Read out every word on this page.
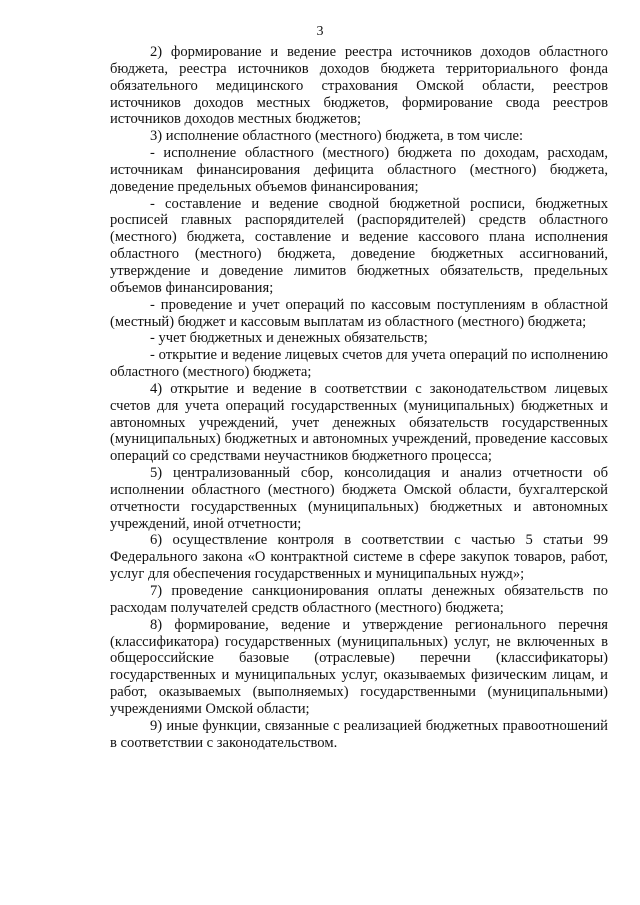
3

2) формирование и ведение реестра источников доходов областного бюджета, реестра источников доходов бюджета территориального фонда обязательного медицинского страхования Омской области, реестров источников доходов местных бюджетов, формирование свода реестров источников доходов местных бюджетов;

3) исполнение областного (местного) бюджета, в том числе:

- исполнение областного (местного) бюджета по доходам, расходам, источникам финансирования дефицита областного (местного) бюджета, доведение предельных объемов финансирования;

- составление и ведение сводной бюджетной росписи, бюджетных росписей главных распорядителей (распорядителей) средств областного (местного) бюджета, составление и ведение кассового плана исполнения областного (местного) бюджета, доведение бюджетных ассигнований, утверждение и доведение лимитов бюджетных обязательств, предельных объемов финансирования;

- проведение и учет операций по кассовым поступлениям в областной (местный) бюджет и кассовым выплатам из областного (местного) бюджета;

- учет бюджетных и денежных обязательств;

- открытие и ведение лицевых счетов для учета операций по исполнению областного (местного) бюджета;

4) открытие и ведение в соответствии с законодательством лицевых счетов для учета операций государственных (муниципальных) бюджетных и автономных учреждений, учет денежных обязательств государственных (муниципальных) бюджетных и автономных учреждений, проведение кассовых операций со средствами неучастников бюджетного процесса;

5) централизованный сбор, консолидация и анализ отчетности об исполнении областного (местного) бюджета Омской области, бухгалтерской отчетности государственных (муниципальных) бюджетных и автономных учреждений, иной отчетности;

6) осуществление контроля в соответствии с частью 5 статьи 99 Федерального закона «О контрактной системе в сфере закупок товаров, работ, услуг для обеспечения государственных и муниципальных нужд»;

7) проведение санкционирования оплаты денежных обязательств по расходам получателей средств областного (местного) бюджета;

8) формирование, ведение и утверждение регионального перечня (классификатора) государственных (муниципальных) услуг, не включенных в общероссийские базовые (отраслевые) перечни (классификаторы) государственных и муниципальных услуг, оказываемых физическим лицам, и работ, оказываемых (выполняемых) государственными (муниципальными) учреждениями Омской области;

9) иные функции, связанные с реализацией бюджетных правоотношений в соответствии с законодательством.
